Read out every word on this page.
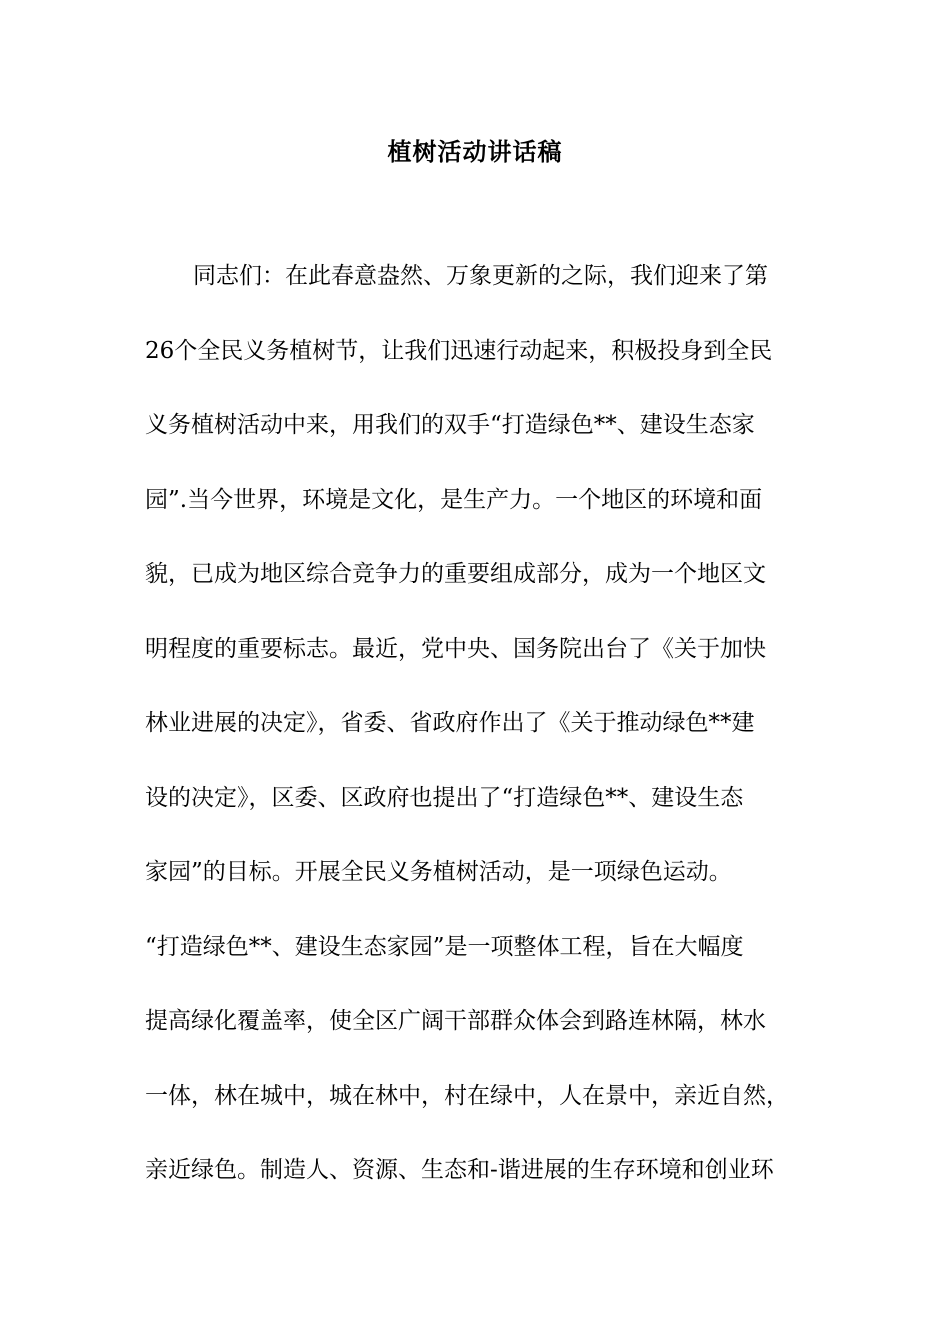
植树活动讲话稿
同志们：在此春意盎然、万象更新的之际，我们迎来了第
26个全民义务植树节，让我们迅速行动起来，积极投身到全民
义务植树活动中来，用我们的双手“打造绿色**、建设生态家
园”.当今世界，环境是文化，是生产力。一个地区的环境和面
貌，已成为地区综合竞争力的重要组成部分，成为一个地区文
明程度的重要标志。最近，党中央、国务院出台了《关于加快
林业进展的决定》，省委、省政府作出了《关于推动绿色**建
设的决定》，区委、区政府也提出了“打造绿色**、建设生态
家园”的目标。开展全民义务植树活动，是一项绿色运动。
“打造绿色**、建设生态家园”是一项整体工程，旨在大幅度
提高绿化覆盖率，使全区广阔干部群众体会到路连林隔，林水
一体，林在城中，城在林中，村在绿中，人在景中，亲近自然，
亲近绿色。制造人、资源、生态和-谐进展的生存环境和创业环
